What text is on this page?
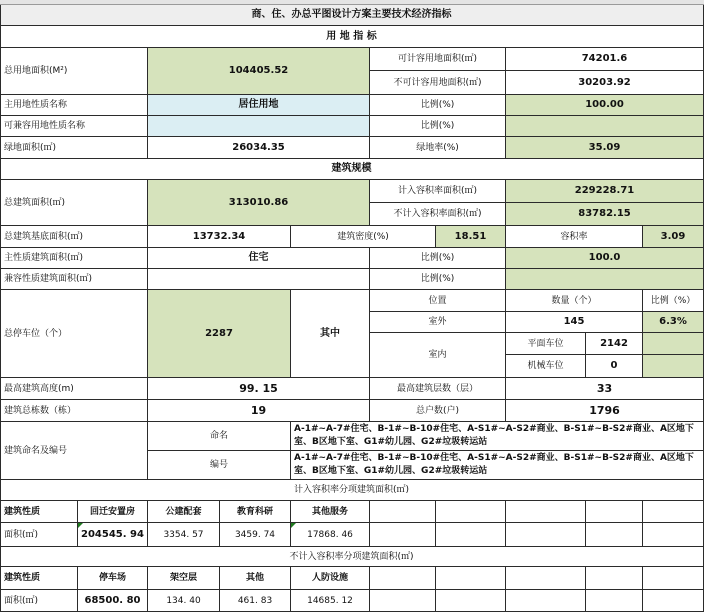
商、住、办总平图设计方案主要技术经济指标
用 地 指 标
总用地面积(M²)	104405.52
可计容用地面积(㎡)	74201.6
不可计容用地面积(㎡)	30203.92
主用地性质名称	居住用地	比例(%)	100.00
可兼容用地性质名称	比例(%)
绿地面积(㎡)	26034.35	绿地率(%)	35.09
建筑规模
总建筑面积(㎡)	313010.86
计入容积率面积(㎡)	229228.71
不计入容积率面积(㎡)	83782.15
总建筑基底面积(㎡)	13732.34	建筑密度(%)	18.51	容积率	3.09
主性质建筑面积(㎡)	住宅	比例(%)	100.0
兼容性质建筑面积(㎡)	比例(%)
总停车位（个）	2287	其中
位置	数量（个）	比例（%）
室外	145	6.3%
室内
平面车位	2142
机械车位	0
最高建筑高度(m)	99. 15	最高建筑层数（层）	33
建筑总栋数（栋）	19	总户数(户)	1796
建筑命名及编号
命名
A-1#~A-7#住宅、B-1#~B-10#住宅、A-S1#~A-S2#商业、B-S1#~B-S2#商业、A区地下室、B区地下室、G1#幼儿园、G2#垃圾转运站
编号
A-1#~A-7#住宅、B-1#~B-10#住宅、A-S1#~A-S2#商业、B-S1#~B-S2#商业、A区地下室、B区地下室、G1#幼儿园、G2#垃圾转运站
计入容积率分项建筑面积(㎡)
建筑性质	回迁安置房	公建配套	教育科研	其他服务
面积(㎡)	204545. 94	3354. 57	3459. 74	17868. 46
不计入容积率分项建筑面积(㎡)
建筑性质	停车场	架空层	其他	人防设施
面积(㎡)	68500. 80	134. 40	461. 83	14685. 12
